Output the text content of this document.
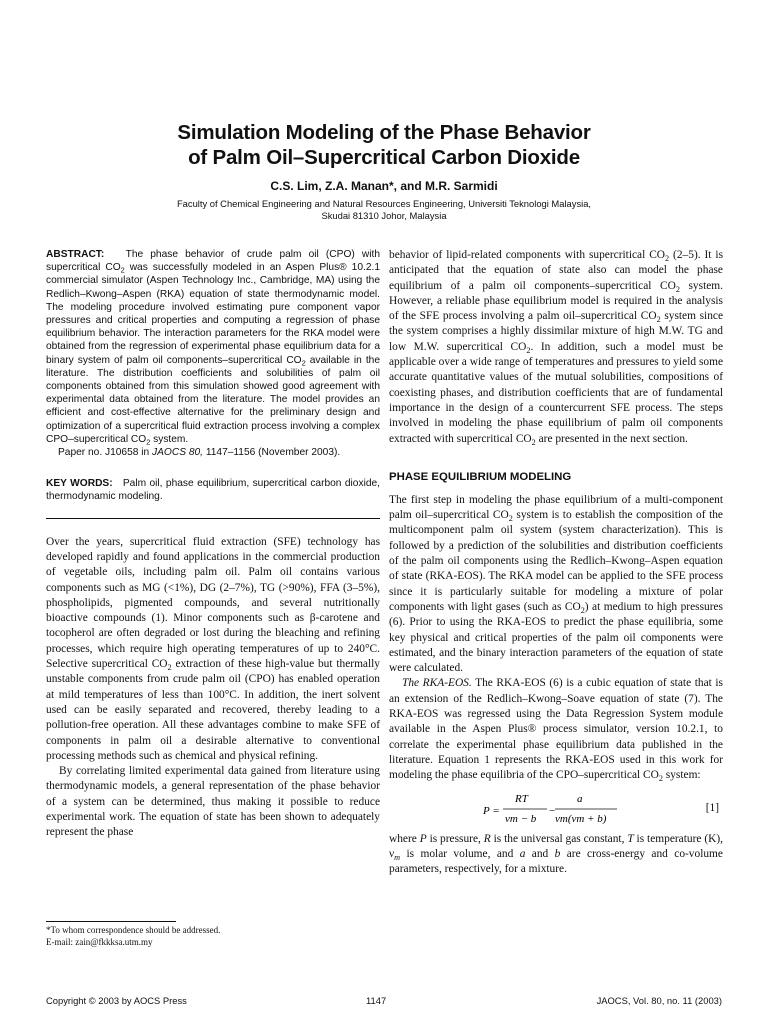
Simulation Modeling of the Phase Behavior
of Palm Oil–Supercritical Carbon Dioxide
C.S. Lim, Z.A. Manan*, and M.R. Sarmidi
Faculty of Chemical Engineering and Natural Resources Engineering, Universiti Teknologi Malaysia,
Skudai 81310 Johor, Malaysia
ABSTRACT: The phase behavior of crude palm oil (CPO) with supercritical $CO_2$ was successfully modeled in an Aspen Plus® 10.2.1 commercial simulator (Aspen Technology Inc., Cambridge, MA) using the Redlich–Kwong–Aspen (RKA) equation of state thermodynamic model. The modeling procedure involved estimating pure component vapor pressures and critical properties and computing a regression of phase equilibrium behavior. The interaction parameters for the RKA model were obtained from the regression of experimental phase equilibrium data for a binary system of palm oil components–supercritical $CO_2$ available in the literature. The distribution coefficients and solubilities of palm oil components obtained from this simulation showed good agreement with experimental data obtained from the literature. The model provides an efficient and cost-effective alternative for the preliminary design and optimization of a supercritical fluid extraction process involving a complex CPO–supercritical $CO_2$ system.
Paper no. J10658 in JAOCS 80, 1147–1156 (November 2003).
KEY WORDS: Palm oil, phase equilibrium, supercritical carbon dioxide, thermodynamic modeling.

Over the years, supercritical fluid extraction (SFE) technology has developed rapidly and found applications in the commercial production of vegetable oils, including palm oil. Palm oil contains various components such as MG (<1%), DG (2–7%), TG (>90%), FFA (3–5%), phospholipids, pigmented compounds, and several nutritionally bioactive compounds (1). Minor components such as β-carotene and tocopherol are often degraded or lost during the bleaching and refining processes, which require high operating temperatures of up to 240°C. Selective supercritical $CO_2$ extraction of these high-value but thermally unstable components from crude palm oil (CPO) has enabled operation at mild temperatures of less than 100°C. In addition, the inert solvent used can be easily separated and recovered, thereby leading to a pollution-free operation. All these advantages combine to make SFE of components in palm oil a desirable alternative to conventional processing methods such as chemical and physical refining.

By correlating limited experimental data gained from literature using thermodynamic models, a general representation of the phase behavior of a system can be determined, thus making it possible to reduce experimental work. The equation of state has been shown to adequately represent the phase

behavior of lipid-related components with supercritical $CO_2$ (2–5). It is anticipated that the equation of state also can model the phase equilibrium of a palm oil components–supercritical $CO_2$ system. However, a reliable phase equilibrium model is required in the analysis of the SFE process involving a palm oil–supercritical $CO_2$ system since the system comprises a highly dissimilar mixture of high M.W. TG and low M.W. supercritical $CO_2$. In addition, such a model must be applicable over a wide range of temperatures and pressures to yield some accurate quantitative values of the mutual solubilities, compositions of coexisting phases, and distribution coefficients that are of fundamental importance in the design of a countercurrent SFE process. The steps involved in modeling the phase equilibrium of palm oil components extracted with supercritical $CO_2$ are presented in the next section.

PHASE EQUILIBRIUM MODELING

The first step in modeling the phase equilibrium of a multi-component palm oil–supercritical $CO_2$ system is to establish the composition of the multicomponent palm oil system (system characterization). This is followed by a prediction of the solubilities and distribution coefficients of the palm oil components using the Redlich–Kwong–Aspen equation of state (RKA-EOS). The RKA model can be applied to the SFE process since it is particularly suitable for modeling a mixture of polar components with light gases (such as $CO_2$) at medium to high pressures (6). Prior to using the RKA-EOS to predict the phase equilibria, some key physical and critical properties of the palm oil components were estimated, and the binary interaction parameters of the equation of state were calculated.

The RKA-EOS. The RKA-EOS (6) is a cubic equation of state that is an extension of the Redlich–Kwong–Soave equation of state (7). The RKA-EOS was regressed using the Data Regression System module available in the Aspen Plus® process simulator, version 10.2.1, to correlate the experimental phase equilibrium data published in the literature. Equation 1 represents the RKA-EOS used in this work for modeling the phase equilibria of the CPO–supercritical $CO_2$ system:

P =
RT
νm − b
−
a
νm(νm + b)
[1]

where P is pressure, R is the universal gas constant, T is temperature (K), $\nu_m$ is molar volume, and a and b are cross-energy and co-volume parameters, respectively, for a mixture.

*To whom correspondence should be addressed.
E-mail: zain@fkkksa.utm.my
Copyright © 2003 by AOCS Press	1147	JAOCS, Vol. 80, no. 11 (2003)
